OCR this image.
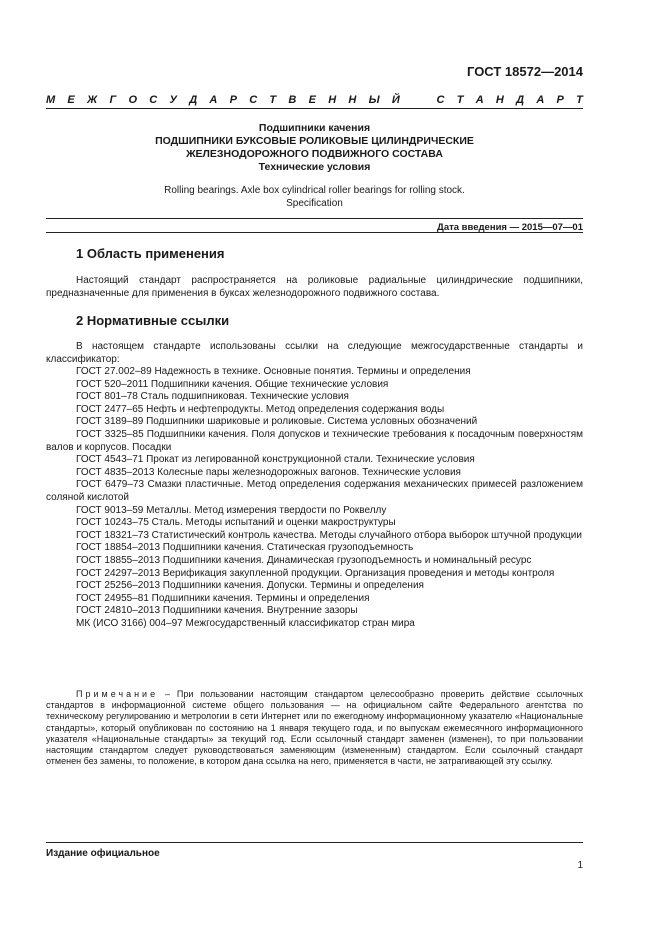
ГОСТ 18572—2014
М Е Ж Г О С У Д А Р С Т В Е Н Н Ы Й	С Т А Н Д А Р Т
Подшипники качения
ПОДШИПНИКИ БУКСОВЫЕ РОЛИКОВЫЕ ЦИЛИНДРИЧЕСКИЕ
ЖЕЛЕЗНОДОРОЖНОГО ПОДВИЖНОГО СОСТАВА
Технические условия
Rolling bearings. Axle box cylindrical roller bearings for rolling stock.
Specification
Дата введения — 2015—07—01
1 Область применения

Настоящий стандарт распространяется на роликовые радиальные цилиндрические подшипники, предназначенные для применения в буксах железнодорожного подвижного состава.

2 Нормативные ссылки

В настоящем стандарте использованы ссылки на следующие межгосударственные стандарты и классификатор:

ГОСТ 27.002–89 Надежность в технике. Основные понятия. Термины и определения
ГОСТ 520–2011 Подшипники качения. Общие технические условия
ГОСТ 801–78 Сталь подшипниковая. Технические условия
ГОСТ 2477–65 Нефть и нефтепродукты. Метод определения содержания воды
ГОСТ 3189–89 Подшипники шариковые и роликовые. Система условных обозначений
ГОСТ 3325–85 Подшипники качения. Поля допусков и технические требования к посадочным поверхностям валов и корпусов. Посадки
ГОСТ 4543–71 Прокат из легированной конструкционной стали. Технические условия
ГОСТ 4835–2013 Колесные пары железнодорожных вагонов. Технические условия
ГОСТ 6479–73 Смазки пластичные. Метод определения содержания механических примесей разложением соляной кислотой
ГОСТ 9013–59 Металлы. Метод измерения твердости по Роквеллу
ГОСТ 10243–75 Сталь. Методы испытаний и оценки макроструктуры
ГОСТ 18321–73 Статистический контроль качества. Методы случайного отбора выборок штучной продукции
ГОСТ 18854–2013 Подшипники качения. Статическая грузоподъемность
ГОСТ 18855–2013 Подшипники качения. Динамическая грузоподъемность и номинальный ресурс
ГОСТ 24297–2013 Верификация закупленной продукции. Организация проведения и методы контроля
ГОСТ 25256–2013 Подшипники качения. Допуски. Термины и определения
ГОСТ 24955–81 Подшипники качения. Термины и определения
ГОСТ 24810–2013 Подшипники качения. Внутренние зазоры
МК (ИСО 3166) 004–97 Межгосударственный классификатор стран мира

Примечание – При пользовании настоящим стандартом целесообразно проверить действие ссылочных стандартов в информационной системе общего пользования — на официальном сайте Федерального агентства по техническому регулированию и метрологии в сети Интернет или по ежегодному информационному указателю «Национальные стандарты», который опубликован по состоянию на 1 января текущего года, и по выпускам ежемесячного информационного указателя «Национальные стандарты» за текущий год. Если ссылочный стандарт заменен (изменен), то при пользовании настоящим стандартом следует руководствоваться заменяющим (измененным) стандартом. Если ссылочный стандарт отменен без замены, то положение, в котором дана ссылка на него, применяется в части, не затрагивающей эту ссылку.

Издание официальное
1
